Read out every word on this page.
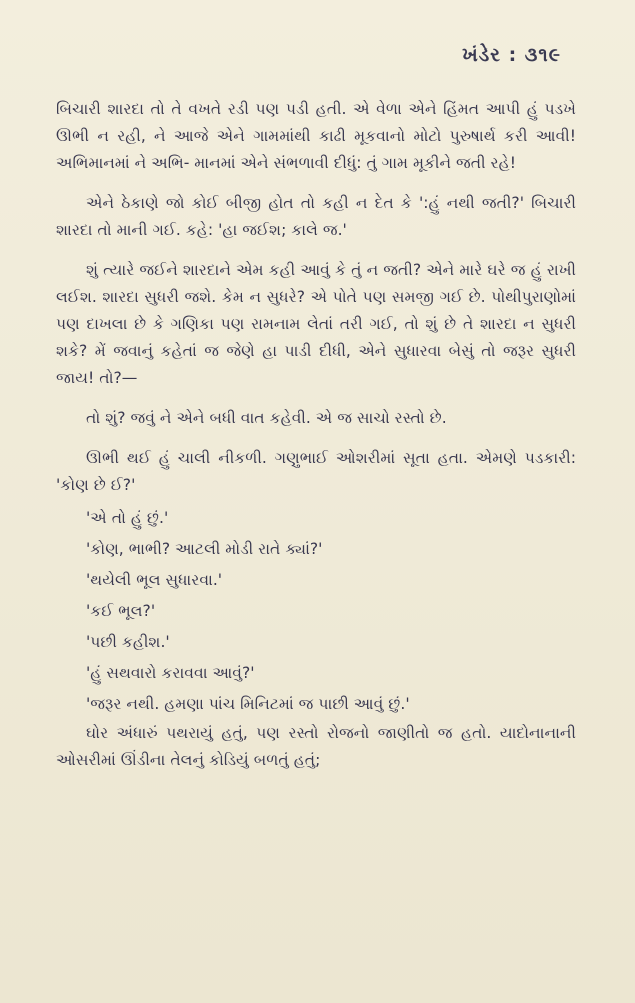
ખંડેર : ૩૧૯

બિચારી શારદા તો તે વખતે રડી પણ પડી હતી. એ વેળા એને હિંમત આપી હું પડખે ઊભી ન રહી, ને આજે એને ગામમાંથી કાઢી મૂકવાનો મોટો પુરુષાર્થ કરી આવી! અભિમાનમાં ને અભિ- માનમાં એને સંભળાવી દીધું: તું ગામ મૂકીને જતી રહે!

એને ઠેકાણે જો કોઈ બીજી હોત તો કહી ન દેત કે ':હું નથી જતી?' બિચારી શારદા તો માની ગઈ. કહે: 'હા જઈશ; કાલે જ.'

શું ત્યારે જઈને શારદાને એમ કહી આવું કે તું ન જતી? એને મારે ઘરે જ હું રાખી લઈશ. શારદા સુધરી જશે. કેમ ન સુધરે? એ પોતે પણ સમજી ગઈ છે. પોથીપુરાણોમાં પણ દાખલા છે કે ગણિકા પણ રામનામ લેતાં તરી ગઈ, તો શું છે તે શારદા ન સુધરી શકે? મેં જવાનું કહેતાં જ જેણે હા પાડી દીધી, એને સુધારવા બેસું તો જરૂર સુધરી જાય! તો?—

તો શું? જવું ને એને બધી વાત કહેવી. એ જ સાચો રસ્તો છે.

ઊભી થઈ હું ચાલી નીકળી. ગણુભાઈ ઓશરીમાં સૂતા હતા. એમણે પડકારી: 'કોણ છે ઈ?'

'એ તો હું છું.'

'કોણ, ભાભી? આટલી મોડી રાતે ક્યાં?'

'થયેલી ભૂલ સુધારવા.'

'કઈ ભૂલ?'

'પછી કહીશ.'

'હું સથવારો કરાવવા આવું?'

'જરૂર નથી. હમણા પાંચ મિનિટમાં જ પાછી આવું છું.'

ઘોર અંધારું પથરાયું હતું, પણ રસ્તો રોજનો જાણીતો જ હતો. યાદોનાનાની ઓસરીમાં ઊંડીના તેલનું કોડિયું બળતું હતું;
